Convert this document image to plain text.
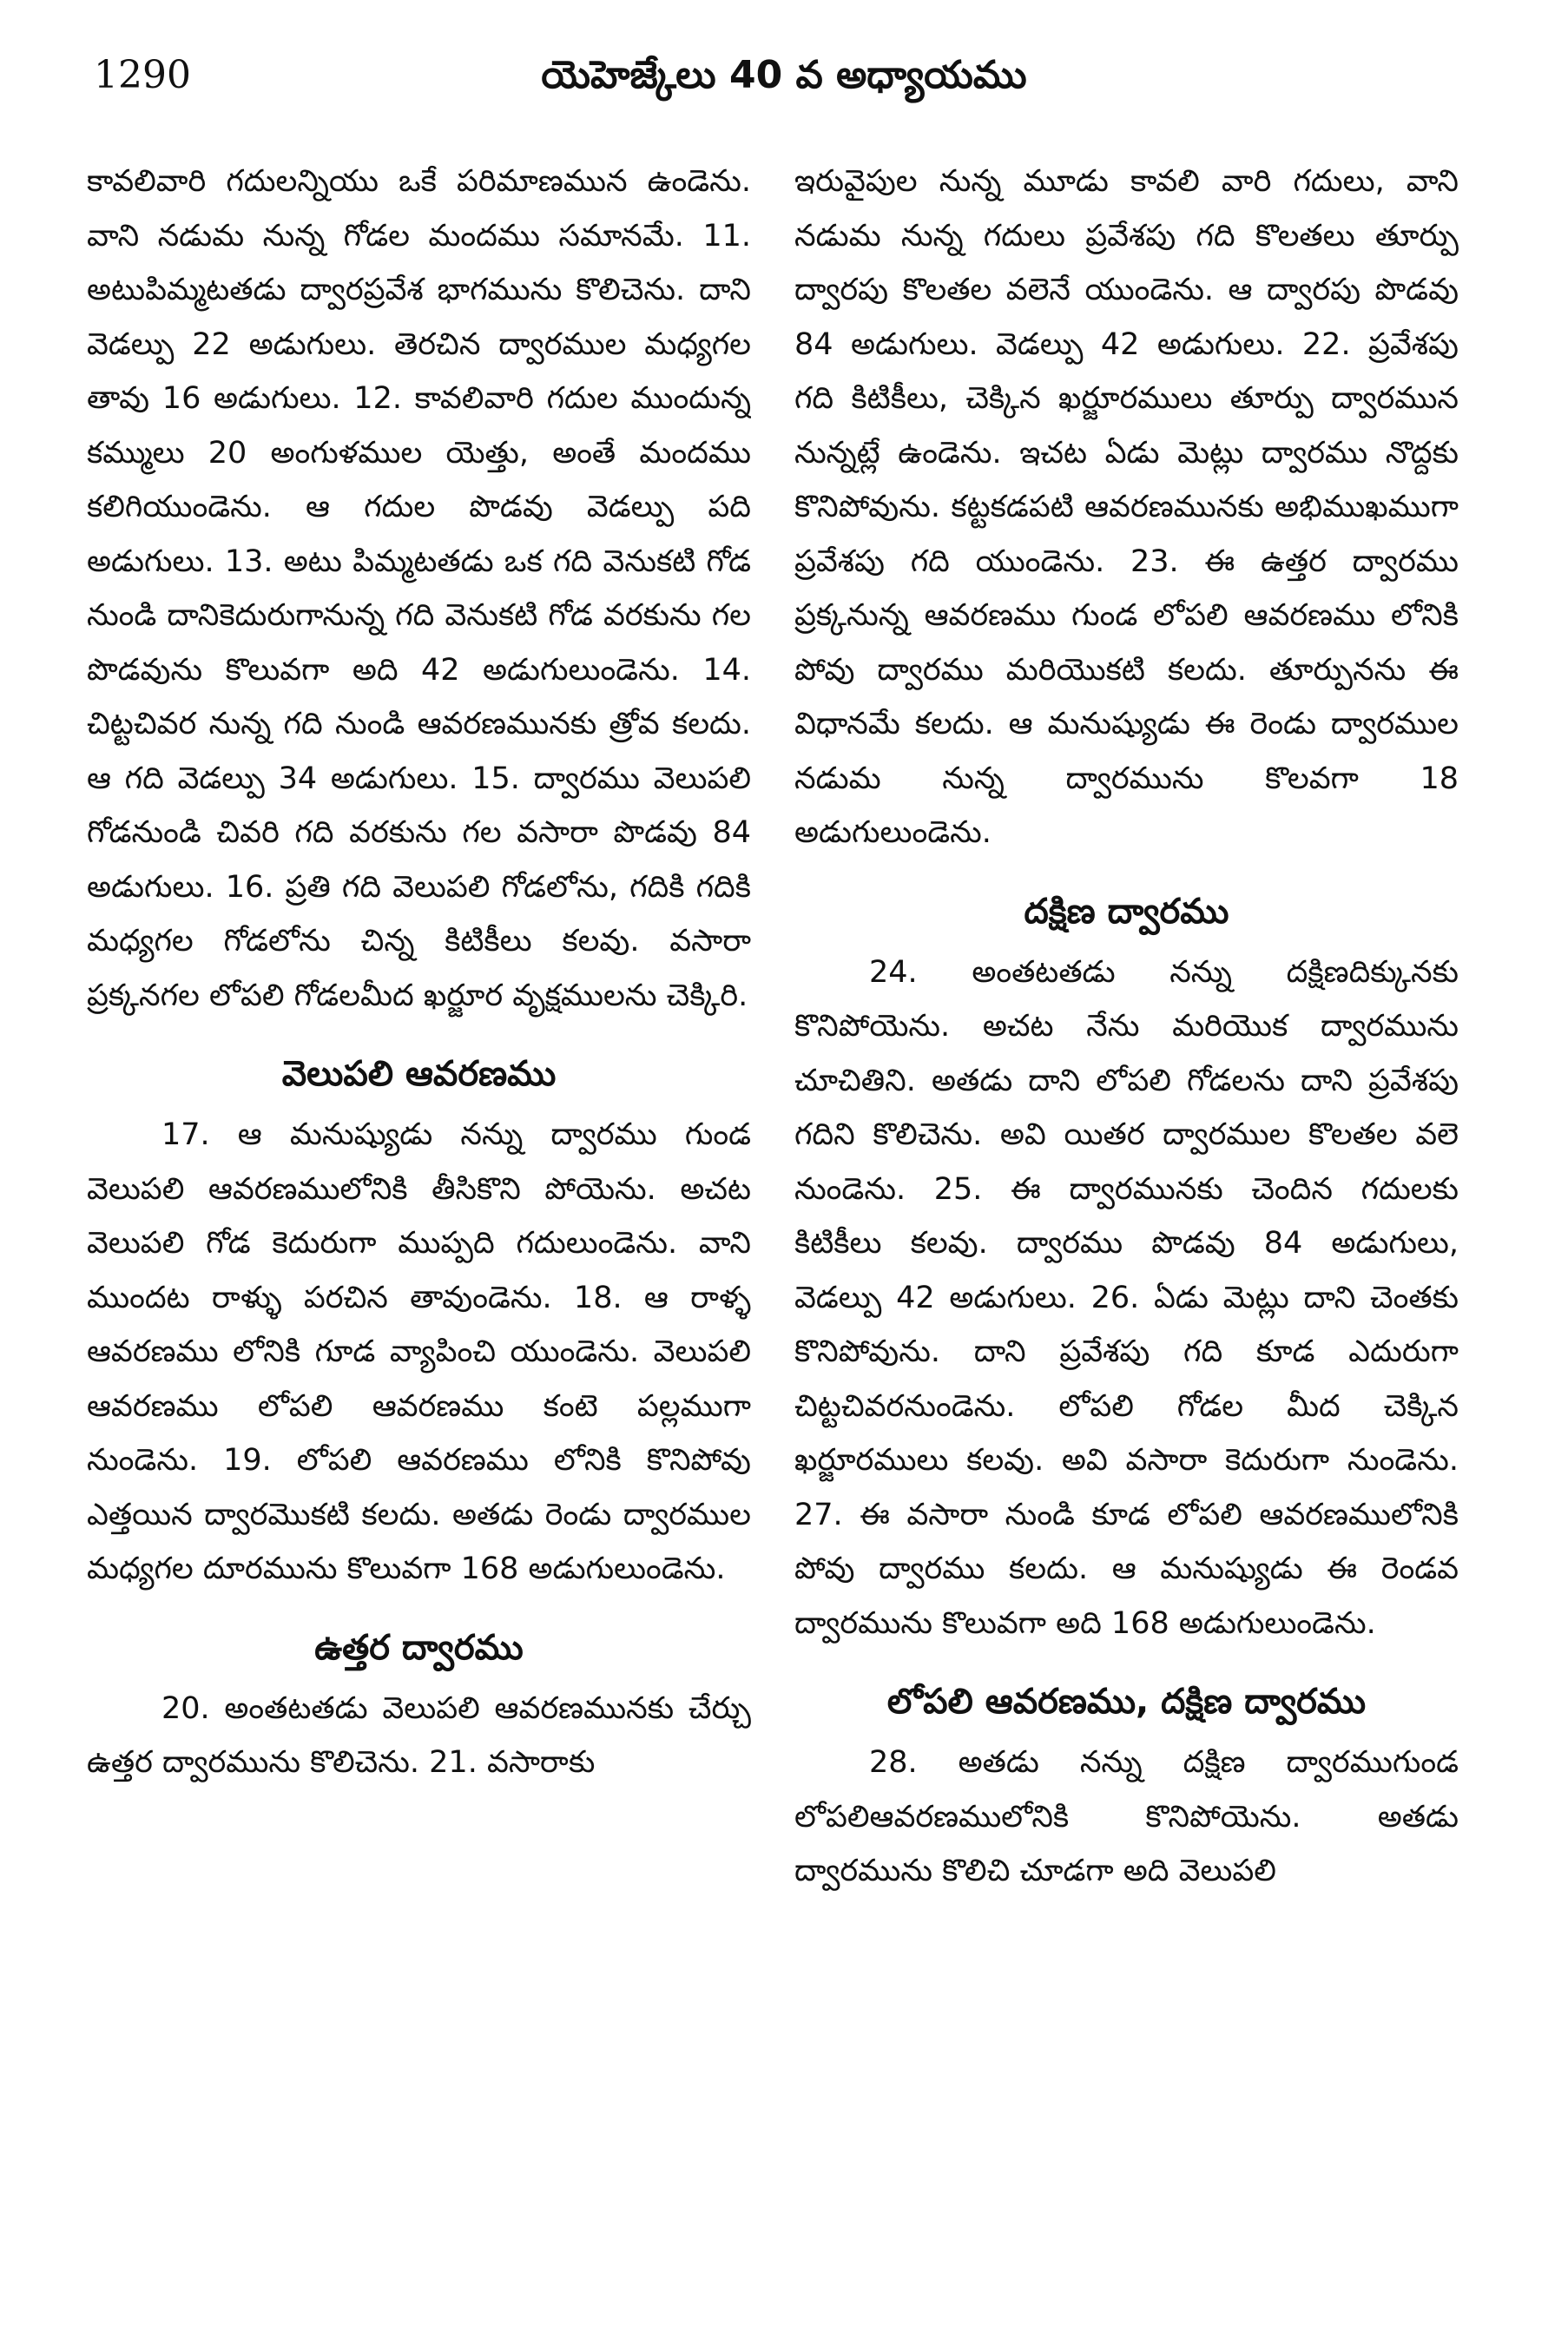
1290	యెహెజ్కేలు 40 వ అధ్యాయము

కావలివారి గదులన్నియు ఒకే పరిమాణమున ఉండెను. వాని నడుమ నున్న గోడల మందము సమానమే. 11. అటుపిమ్మటతడు ద్వారప్రవేశ భాగమును కొలిచెను. దాని వెడల్పు 22 అడుగులు. తెరచిన ద్వారముల మధ్యగల తావు 16 అడుగులు. 12. కావలివారి గదుల ముందున్న కమ్ములు 20 అంగుళముల యెత్తు, అంతే మందము కలిగియుండెను. ఆ గదుల పొడవు వెడల్పు పది అడుగులు. 13. అటు పిమ్మటతడు ఒక గది వెనుకటి గోడ నుండి దానికెదురుగానున్న గది వెనుకటి గోడ వరకును గల పొడవును కొలువగా అది 42 అడుగులుండెను. 14. చిట్టచివర నున్న గది నుండి ఆవరణమునకు త్రోవ కలదు. ఆ గది వెడల్పు 34 అడుగులు. 15. ద్వారము వెలుపలి గోడనుండి చివరి గది వరకును గల వసారా పొడవు 84 అడుగులు. 16. ప్రతి గది వెలుపలి గోడలోను, గదికి గదికి మధ్యగల గోడలోను చిన్న కిటికీలు కలవు. వసారా ప్రక్కనగల లోపలి గోడలమీద ఖర్జూర వృక్షములను చెక్కిరి.

వెలుపలి ఆవరణము

17. ఆ మనుష్యుడు నన్ను ద్వారము గుండ వెలుపలి ఆవరణములోనికి తీసికొని పోయెను. అచట వెలుపలి గోడ కెదురుగా ముప్పది గదులుండెను. వాని ముందట రాళ్ళు పరచిన తావుండెను. 18. ఆ రాళ్ళ ఆవరణము లోనికి గూడ వ్యాపించి యుండెను. వెలుపలి ఆవరణము లోపలి ఆవరణము కంటె పల్లముగా నుండెను. 19. లోపలి ఆవరణము లోనికి కొనిపోవు ఎత్తయిన ద్వారమొకటి కలదు. అతడు రెండు ద్వారముల మధ్యగల దూరమును కొలువగా 168 అడుగులుండెను.

ఉత్తర ద్వారము

20. అంతటతడు వెలుపలి ఆవరణమునకు చేర్చు ఉత్తర ద్వారమును కొలిచెను. 21. వసారాకు

ఇరువైపుల నున్న మూడు కావలి వారి గదులు, వాని నడుమ నున్న గదులు ప్రవేశపు గది కొలతలు తూర్పు ద్వారపు కొలతల వలెనే యుండెను. ఆ ద్వారపు పొడవు 84 అడుగులు. వెడల్పు 42 అడుగులు. 22. ప్రవేశపు గది కిటికీలు, చెక్కిన ఖర్జూరములు తూర్పు ద్వారమున నున్నట్లే ఉండెను. ఇచట ఏడు మెట్లు ద్వారము నొద్దకు కొనిపోవును. కట్టకడపటి ఆవరణమునకు అభిముఖముగా ప్రవేశపు గది యుండెను. 23. ఈ ఉత్తర ద్వారము ప్రక్కనున్న ఆవరణము గుండ లోపలి ఆవరణము లోనికి పోవు ద్వారము మరియొకటి కలదు. తూర్పునను ఈ విధానమే కలదు. ఆ మనుష్యుడు ఈ రెండు ద్వారముల నడుమ నున్న ద్వారమును కొలవగా 18 అడుగులుండెను.

దక్షిణ ద్వారము

24. అంతటతడు నన్ను దక్షిణదిక్కునకు కొనిపోయెను. అచట నేను మరియొక ద్వారమును చూచితిని. అతడు దాని లోపలి గోడలను దాని ప్రవేశపు గదిని కొలిచెను. అవి యితర ద్వారముల కొలతల వలె నుండెను. 25. ఈ ద్వారమునకు చెందిన గదులకు కిటికీలు కలవు. ద్వారము పొడవు 84 అడుగులు, వెడల్పు 42 అడుగులు. 26. ఏడు మెట్లు దాని చెంతకు కొనిపోవును. దాని ప్రవేశపు గది కూడ ఎదురుగా చిట్టచివరనుండెను. లోపలి గోడల మీద చెక్కిన ఖర్జూరములు కలవు. అవి వసారా కెదురుగా నుండెను. 27. ఈ వసారా నుండి కూడ లోపలి ఆవరణములోనికి పోవు ద్వారము కలదు. ఆ మనుష్యుడు ఈ రెండవ ద్వారమును కొలువగా అది 168 అడుగులుండెను.

లోపలి ఆవరణము, దక్షిణ ద్వారము

28. అతడు నన్ను దక్షిణ ద్వారముగుండ లోపలిఆవరణములోనికి కొనిపోయెను. అతడు ద్వారమును కొలిచి చూడగా అది వెలుపలి
